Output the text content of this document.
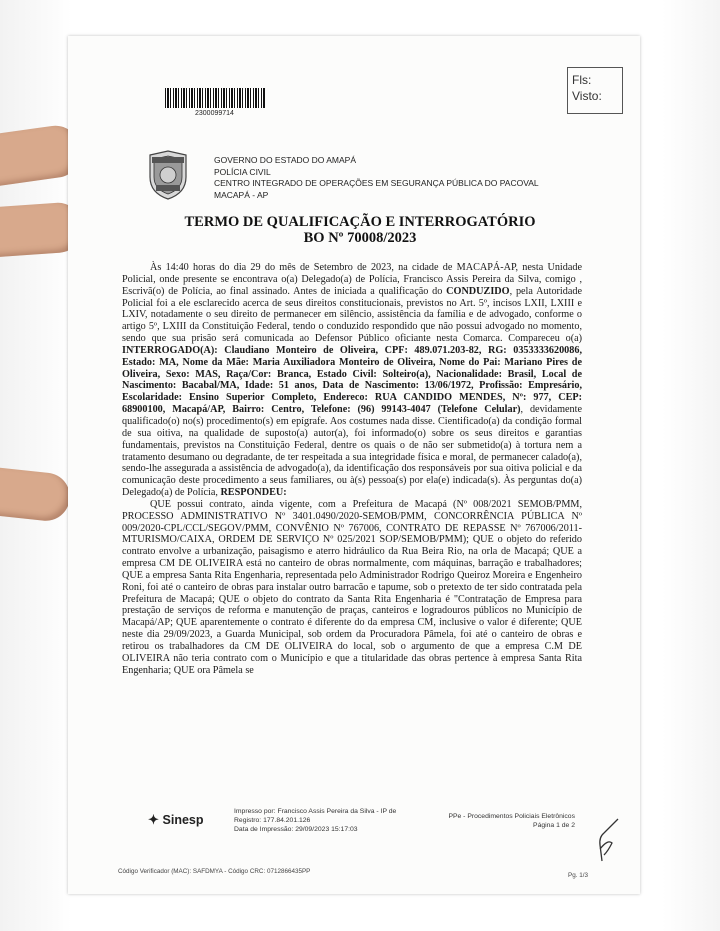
2300099714
Fls:
Visto:
GOVERNO DO ESTADO DO AMAPÁ
POLÍCIA CIVIL
CENTRO INTEGRADO DE OPERAÇÕES EM SEGURANÇA PÚBLICA DO PACOVAL
MACAPÁ - AP
TERMO DE QUALIFICAÇÃO E INTERROGATÓRIO
BO Nº 70008/2023

Às 14:40 horas do dia 29 do mês de Setembro de 2023, na cidade de MACAPÁ-AP, nesta Unidade Policial, onde presente se encontrava o(a) Delegado(a) de Polícia, Francisco Assis Pereira da Silva, comigo , Escrivã(o) de Polícia, ao final assinado. Antes de iniciada a qualificação do CONDUZIDO, pela Autoridade Policial foi a ele esclarecido acerca de seus direitos constitucionais, previstos no Art. 5º, incisos LXII, LXIII e LXIV, notadamente o seu direito de permanecer em silêncio, assistência da família e de advogado, conforme o artigo 5º, LXIII da Constituição Federal, tendo o conduzido respondido que não possui advogado no momento, sendo que sua prisão será comunicada ao Defensor Público oficiante nesta Comarca. Compareceu o(a) INTERROGADO(A): Claudiano Monteiro de Oliveira, CPF: 489.071.203-82, RG: 0353333620086, Estado: MA, Nome da Mãe: Maria Auxiliadora Monteiro de Oliveira, Nome do Pai: Mariano Pires de Oliveira, Sexo: MAS, Raça/Cor: Branca, Estado Civil: Solteiro(a), Nacionalidade: Brasil, Local de Nascimento: Bacabal/MA, Idade: 51 anos, Data de Nascimento: 13/06/1972, Profissão: Empresário, Escolaridade: Ensino Superior Completo, Endereco: RUA CANDIDO MENDES, Nº: 977, CEP: 68900100, Macapá/AP, Bairro: Centro, Telefone: (96) 99143-4047 (Telefone Celular), devidamente qualificado(o) no(s) procedimento(s) em epígrafe. Aos costumes nada disse. Cientificado(a) da condição formal de sua oitiva, na qualidade de suposto(a) autor(a), foi informado(o) sobre os seus direitos e garantias fundamentais, previstos na Constituição Federal, dentre os quais o de não ser submetido(a) à tortura nem a tratamento desumano ou degradante, de ter respeitada a sua integridade física e moral, de permanecer calado(a), sendo-lhe assegurada a assistência de advogado(a), da identificação dos responsáveis por sua oitiva policial e da comunicação deste procedimento a seus familiares, ou à(s) pessoa(s) por ela(e) indicada(s). Às perguntas do(a) Delegado(a) de Polícia, RESPONDEU:

QUE possui contrato, ainda vigente, com a Prefeitura de Macapá (Nº 008/2021 SEMOB/PMM, PROCESSO ADMINISTRATIVO Nº 3401.0490/2020-SEMOB/PMM, CONCORRÊNCIA PÚBLICA Nº 009/2020-CPL/CCL/SEGOV/PMM, CONVÊNIO Nº 767006, CONTRATO DE REPASSE Nº 767006/2011-MTURISMO/CAIXA, ORDEM DE SERVIÇO Nº 025/2021 SOP/SEMOB/PMM); QUE o objeto do referido contrato envolve a urbanização, paisagismo e aterro hidráulico da Rua Beira Rio, na orla de Macapá; QUE a empresa CM DE OLIVEIRA está no canteiro de obras normalmente, com máquinas, barração e trabalhadores; QUE a empresa Santa Rita Engenharia, representada pelo Administrador Rodrigo Queiroz Moreira e Engenheiro Roni, foi até o canteiro de obras para instalar outro barracão e tapume, sob o pretexto de ter sido contratada pela Prefeitura de Macapá; QUE o objeto do contrato da Santa Rita Engenharia é "Contratação de Empresa para prestação de serviços de reforma e manutenção de praças, canteiros e logradouros públicos no Município de Macapá/AP; QUE aparentemente o contrato é diferente do da empresa CM, inclusive o valor é diferente; QUE neste dia 29/09/2023, a Guarda Municipal, sob ordem da Procuradora Pâmela, foi até o canteiro de obras e retirou os trabalhadores da CM DE OLIVEIRA do local, sob o argumento de que a empresa C.M DE OLIVEIRA não teria contrato com o Município e que a titularidade das obras pertence à empresa Santa Rita Engenharia; QUE ora Pâmela se

✦ Sinesp
Impresso por: Francisco Assis Pereira da Silva - IP de
Registro: 177.84.201.126
Data de Impressão: 29/09/2023 15:17:03
PPe - Procedimentos Policiais Eletrônicos
Página 1 de 2
Código Verificador (MAC): SAFDMYA - Código CRC: 0712866435PP
Pg. 1/3
